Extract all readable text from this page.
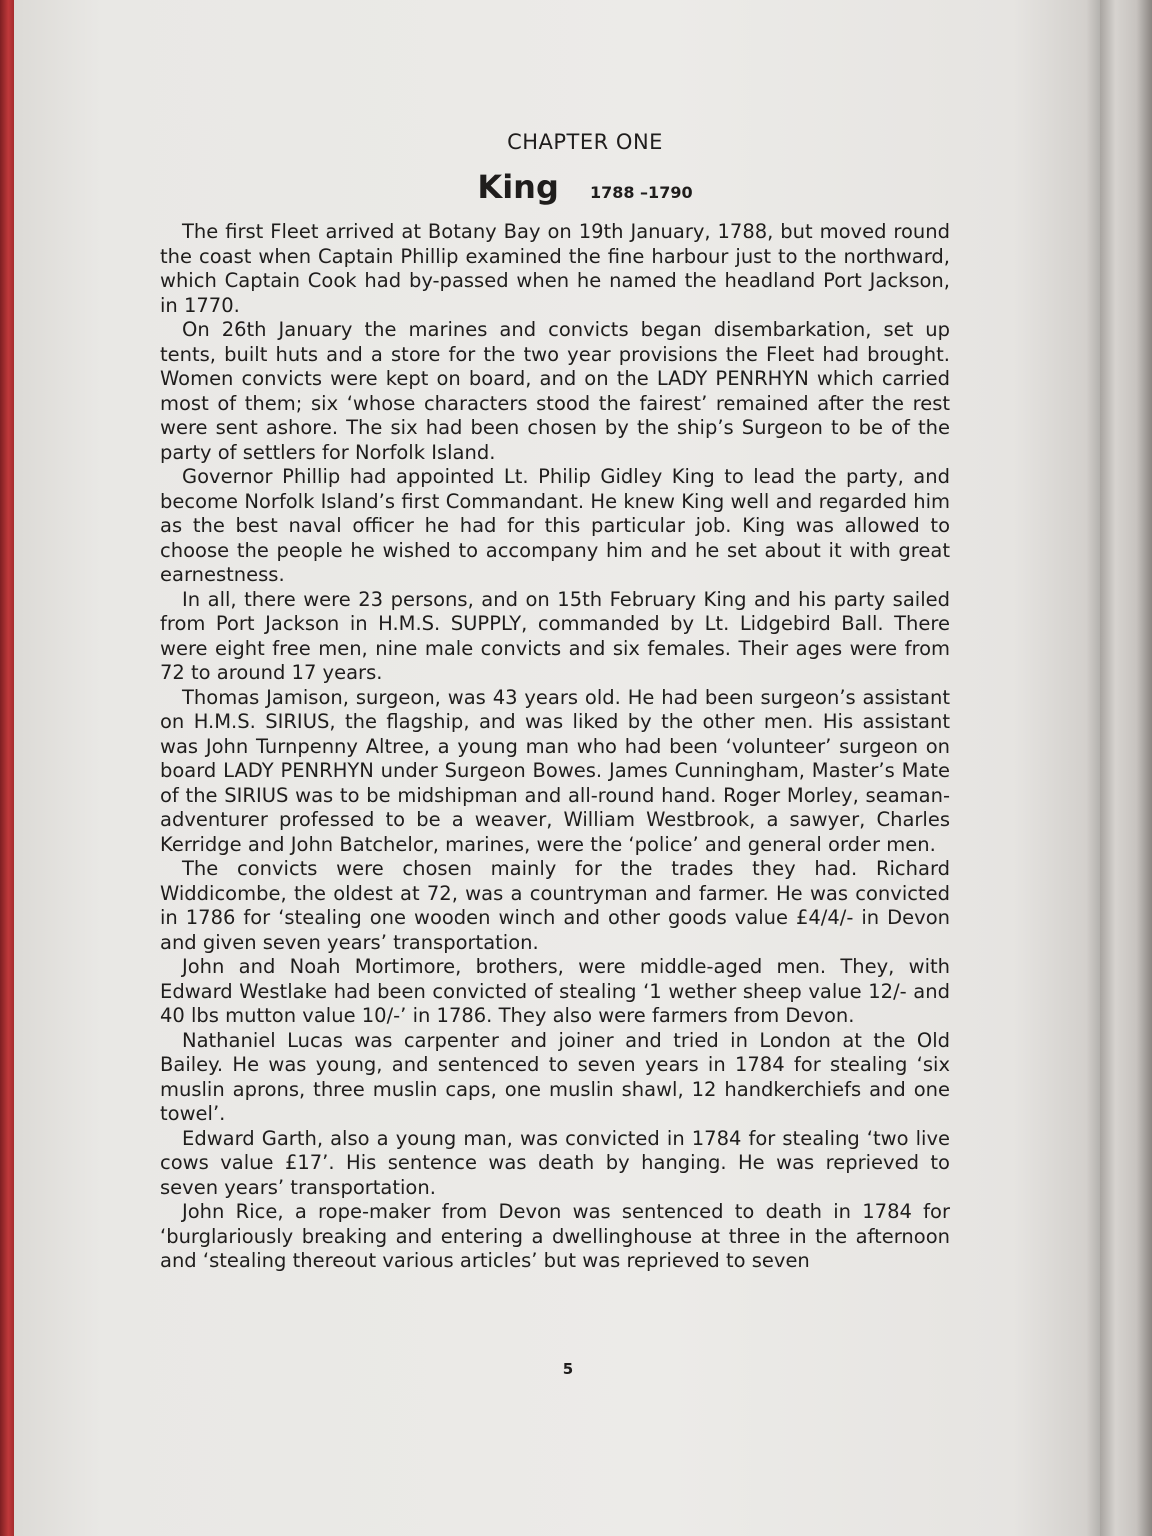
CHAPTER ONE
King 1788 –1790

The first Fleet arrived at Botany Bay on 19th January, 1788, but moved round the coast when Captain Phillip examined the fine harbour just to the northward, which Captain Cook had by-passed when he named the headland Port Jackson, in 1770.

On 26th January the marines and convicts began disembarkation, set up tents, built huts and a store for the two year provisions the Fleet had brought. Women convicts were kept on board, and on the LADY PENRHYN which carried most of them; six ‘whose characters stood the fairest’ remained after the rest were sent ashore. The six had been chosen by the ship’s Surgeon to be of the party of settlers for Norfolk Island.

Governor Phillip had appointed Lt. Philip Gidley King to lead the party, and become Norfolk Island’s first Commandant. He knew King well and regarded him as the best naval officer he had for this particular job. King was allowed to choose the people he wished to accompany him and he set about it with great earnestness.

In all, there were 23 persons, and on 15th February King and his party sailed from Port Jackson in H.M.S. SUPPLY, commanded by Lt. Lidgebird Ball. There were eight free men, nine male convicts and six females. Their ages were from 72 to around 17 years.

Thomas Jamison, surgeon, was 43 years old. He had been surgeon’s assistant on H.M.S. SIRIUS, the flagship, and was liked by the other men. His assistant was John Turnpenny Altree, a young man who had been ‘volunteer’ surgeon on board LADY PENRHYN under Surgeon Bowes. James Cunningham, Master’s Mate of the SIRIUS was to be midshipman and all-round hand. Roger Morley, seaman-adventurer professed to be a weaver, William Westbrook, a sawyer, Charles Kerridge and John Batchelor, marines, were the ‘police’ and general order men.

The convicts were chosen mainly for the trades they had. Richard Widdicombe, the oldest at 72, was a countryman and farmer. He was convicted in 1786 for ‘stealing one wooden winch and other goods value £4/4/- in Devon and given seven years’ transportation.

John and Noah Mortimore, brothers, were middle-aged men. They, with Edward Westlake had been convicted of stealing ‘1 wether sheep value 12/- and 40 lbs mutton value 10/-’ in 1786. They also were farmers from Devon.

Nathaniel Lucas was carpenter and joiner and tried in London at the Old Bailey. He was young, and sentenced to seven years in 1784 for stealing ‘six muslin aprons, three muslin caps, one muslin shawl, 12 handkerchiefs and one towel’.

Edward Garth, also a young man, was convicted in 1784 for stealing ‘two live cows value £17’. His sentence was death by hanging. He was reprieved to seven years’ transportation.

John Rice, a rope-maker from Devon was sentenced to death in 1784 for ‘burglariously breaking and entering a dwellinghouse at three in the afternoon and ‘stealing thereout various articles’ but was reprieved to seven

5
